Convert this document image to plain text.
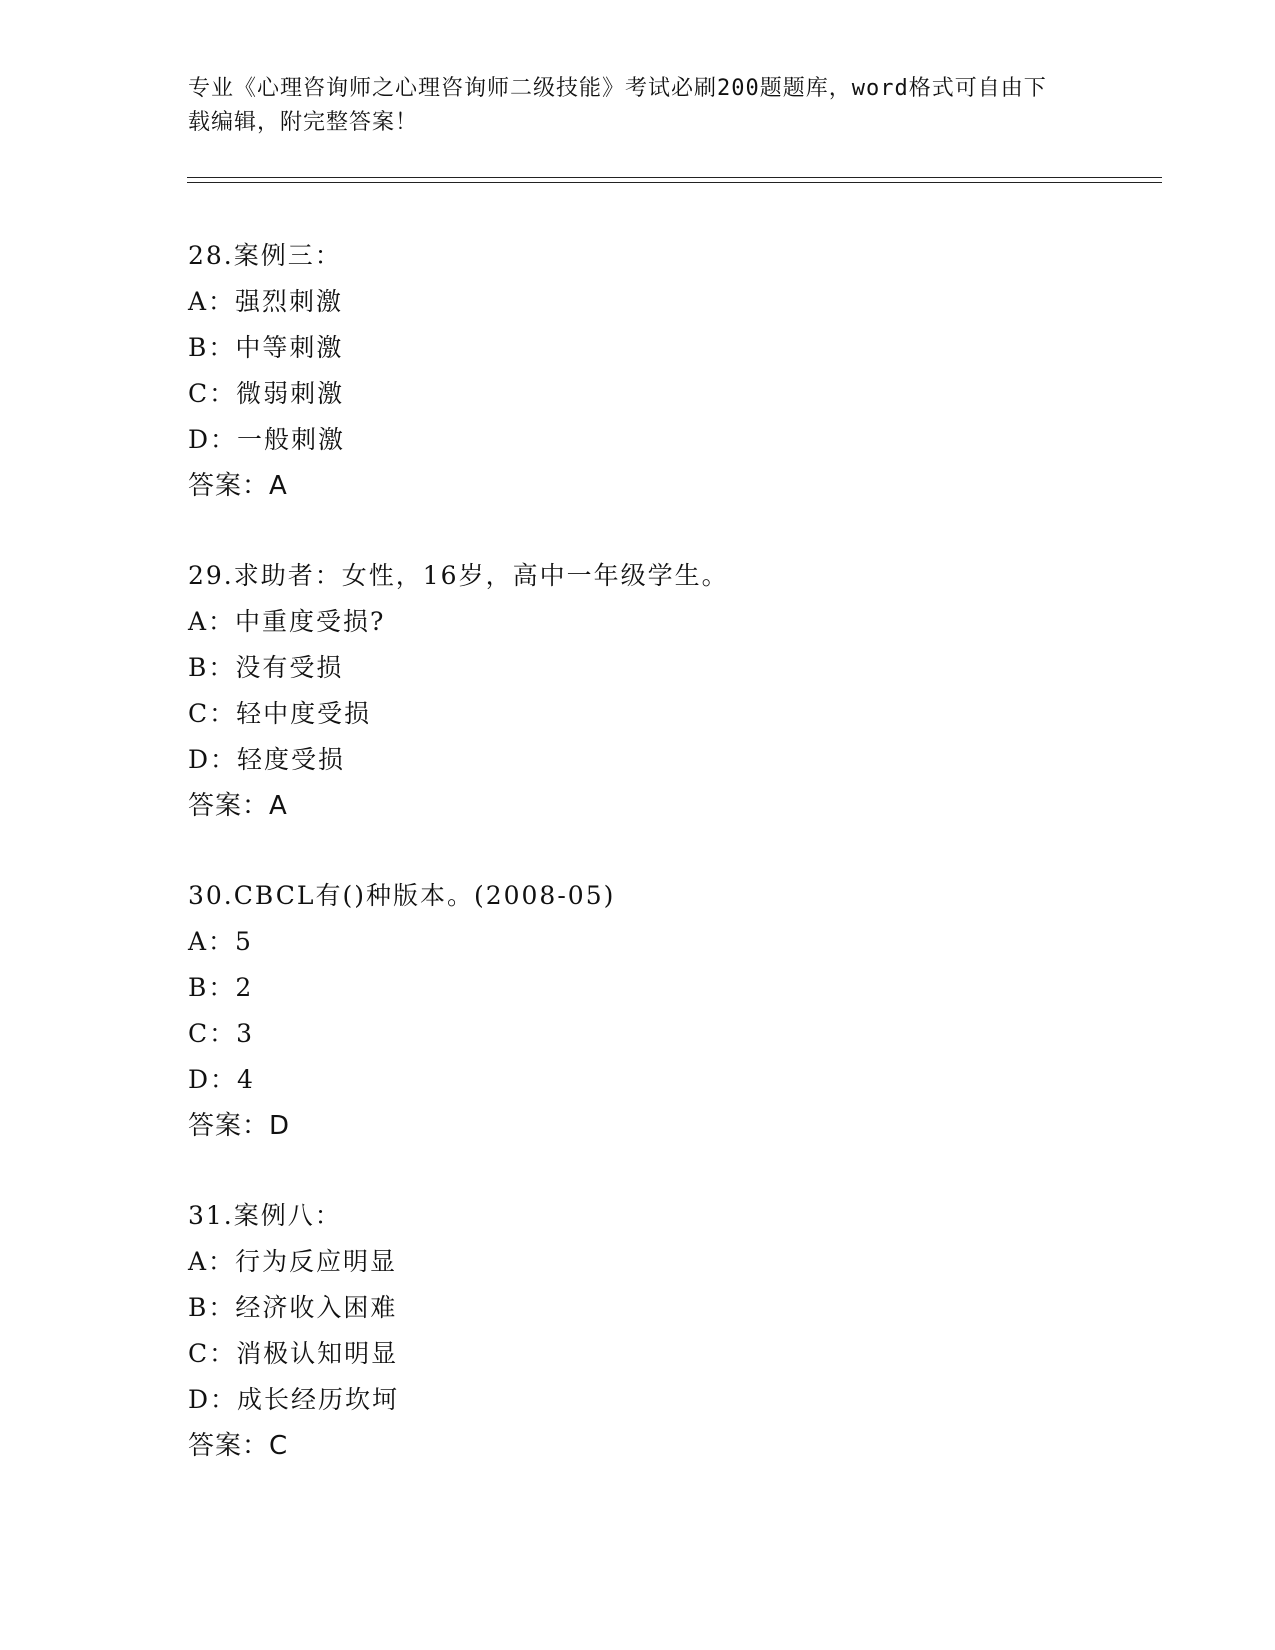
专业《心理咨询师之心理咨询师二级技能》考试必刷200题题库，word格式可自由下载编辑，附完整答案！
28.案例三：
A：强烈刺激
B：中等刺激
C：微弱刺激
D：一般刺激
答案：A
29.求助者：女性，16岁，高中一年级学生。
A：中重度受损?
B：没有受损
C：轻中度受损
D：轻度受损
答案：A
30.CBCL有()种版本。(2008-05)
A：5
B：2
C：3
D：4
答案：D
31.案例八：
A：行为反应明显
B：经济收入困难
C：消极认知明显
D：成长经历坎坷
答案：C
